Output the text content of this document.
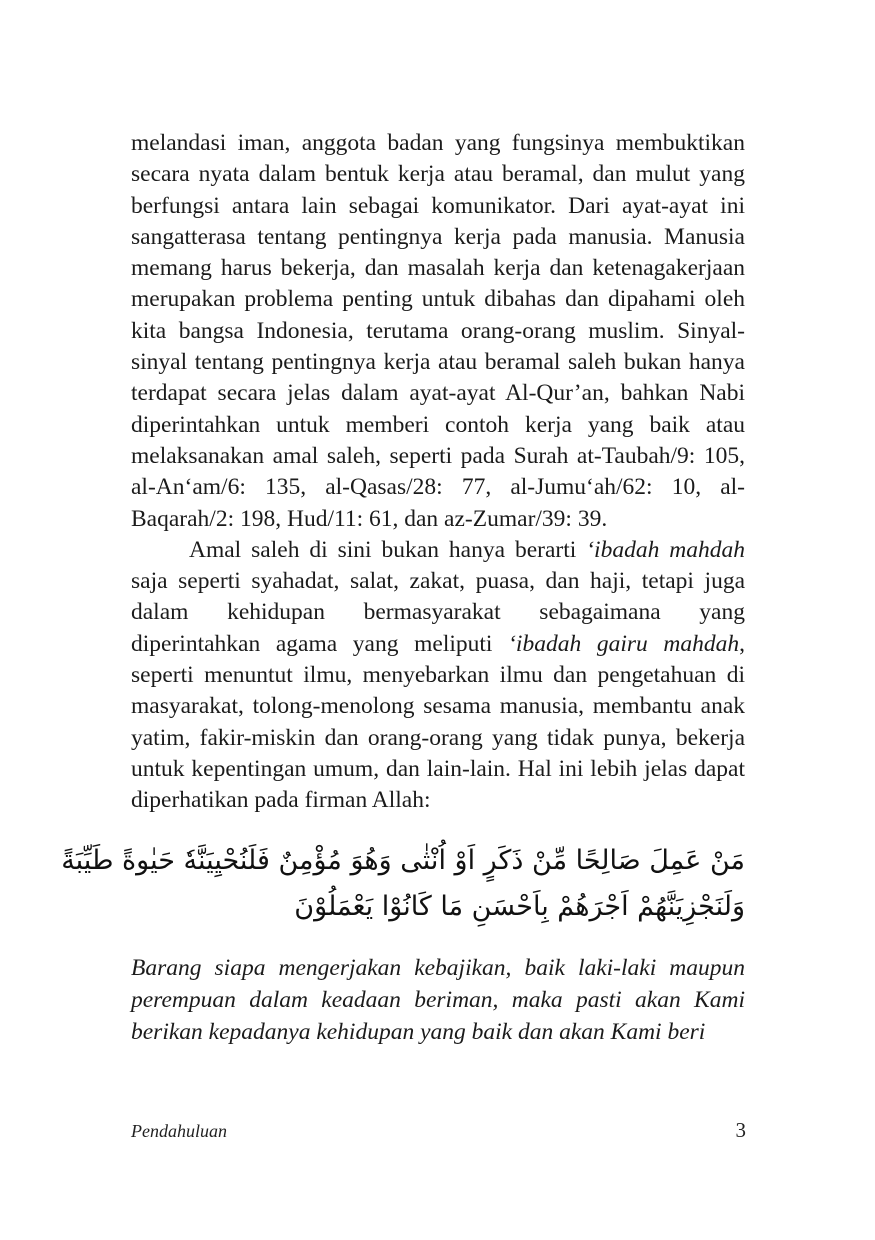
melandasi iman, anggota badan yang fungsinya membuktikan secara nyata dalam bentuk kerja atau beramal, dan mulut yang berfungsi antara lain sebagai komunikator. Dari ayat-ayat ini sangatterasa tentang pentingnya kerja pada manusia. Manusia memang harus bekerja, dan masalah kerja dan ketenagakerjaan merupakan problema penting untuk dibahas dan dipahami oleh kita bangsa Indonesia, terutama orang-orang muslim. Sinyal-sinyal tentang pentingnya kerja atau beramal saleh bukan hanya terdapat secara jelas dalam ayat-ayat Al-Qur’an, bahkan Nabi diperintahkan untuk memberi contoh kerja yang baik atau melaksanakan amal saleh, seperti pada Surah at-Taubah/9: 105, al-An‘am/6: 135, al-Qasas/28: 77, al-Jumu‘ah/62: 10, al-Baqarah/2: 198, Hud/11: 61, dan az-Zumar/39: 39.

Amal saleh di sini bukan hanya berarti ‘ibadah mahdah saja seperti syahadat, salat, zakat, puasa, dan haji, tetapi juga dalam kehidupan bermasyarakat sebagaimana yang diperintahkan agama yang meliputi ‘ibadah gairu mahdah, seperti menuntut ilmu, menyebarkan ilmu dan pengetahuan di masyarakat, tolong-menolong sesama manusia, membantu anak yatim, fakir-miskin dan orang-orang yang tidak punya, bekerja untuk kepentingan umum, dan lain-lain. Hal ini lebih jelas dapat diperhatikan pada firman Allah:

مَنْ عَمِلَ صَالِحًا مِّنْ ذَكَرٍ اَوْ اُنْثٰى وَهُوَ مُؤْمِنٌ فَلَنُحْيِيَنَّهٗ حَيٰوةً طَيِّبَةً
وَلَنَجْزِيَنَّهُمْ اَجْرَهُمْ بِاَحْسَنِ مَا كَانُوْا يَعْمَلُوْنَ

Barang siapa mengerjakan kebajikan, baik laki-laki maupun perempuan dalam keadaan beriman, maka pasti akan Kami berikan kepadanya kehidupan yang baik dan akan Kami beri

Pendahuluan	3
